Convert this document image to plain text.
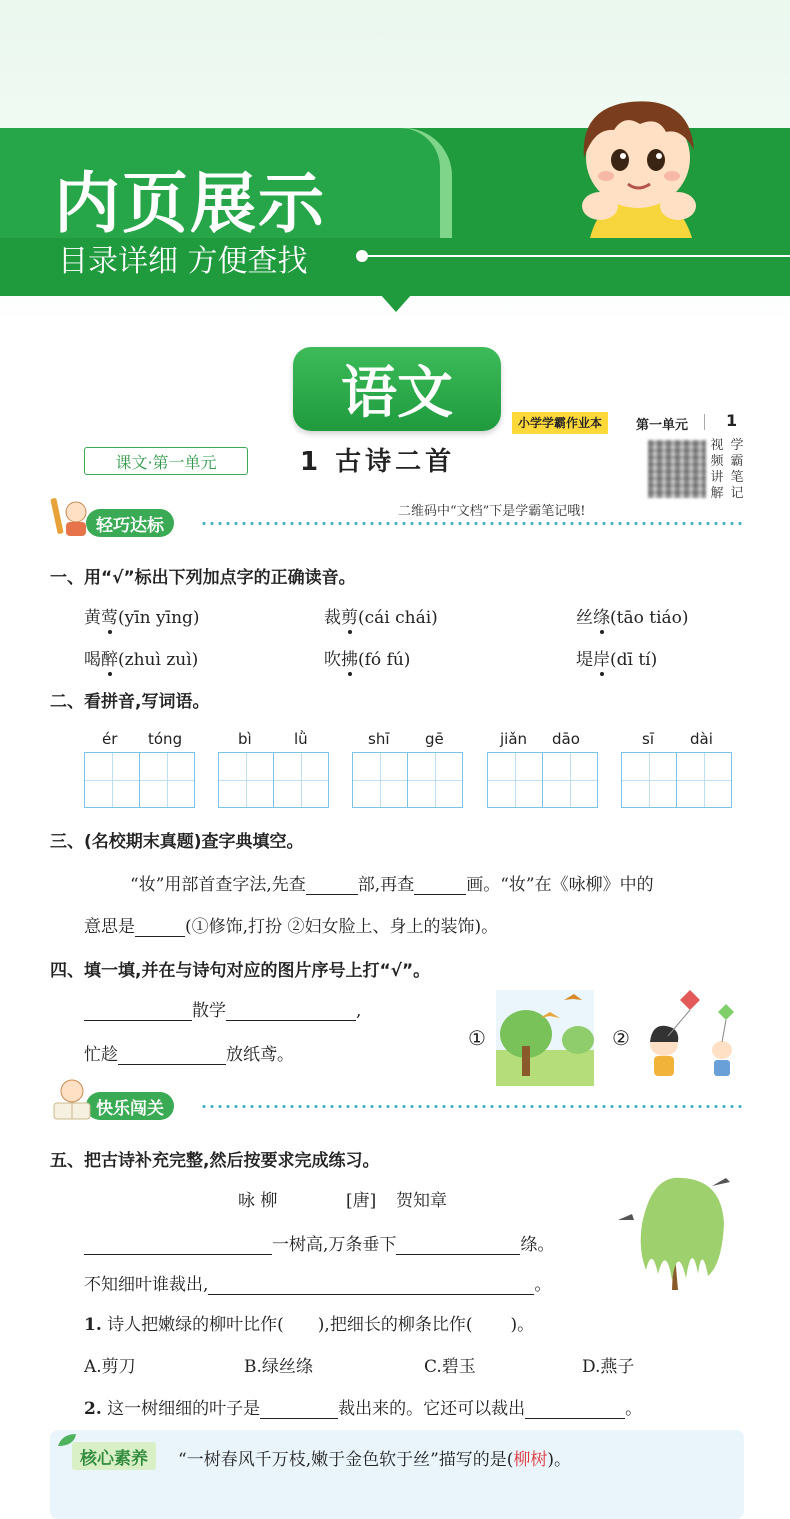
内页展示
目录详细 方便查找
语文	小学学霸作业本	第一单元 1
视频讲解
学霸笔记
二维码中“文档”下是学霸笔记哦!
课文·第一单元	1 古诗二首
轻巧达标
一、用“√”标出下列加点字的正确读音。
黄莺(yīn yīng)	裁剪(cái chái)	丝绦(tāo tiáo)
喝醉(zhuì zuì)	吹拂(fó fú)	堤岸(dī tí)
二、看拼音,写词语。
ér tóng	bì	lǜ	shī gē	jiǎn dāo	sī dài
三、(名校期末真题)查字典填空。
“妆”用部首查字法,先查	部,再查	画。“妆”在《咏柳》中的
意思是	(①修饰,打扮 ②妇女脸上、身上的装饰)。
四、填一填,并在与诗句对应的图片序号上打“√”。
散学	,
忙趁	放纸鸢。
①	②
快乐闯关
五、把古诗补充完整,然后按要求完成练习。
咏 柳	[唐] 贺知章
一树高,万条垂下	绦。
不知细叶谁裁出,	。
1. 诗人把嫩绿的柳叶比作( ),把细长的柳条比作( )。
A.剪刀	B.绿丝绦	C.碧玉	D.燕子
2. 这一树细细的叶子是	裁出来的。它还可以裁出	。
核心素养	“一树春风千万枝,嫩于金色软于丝”描写的是(柳树)。
